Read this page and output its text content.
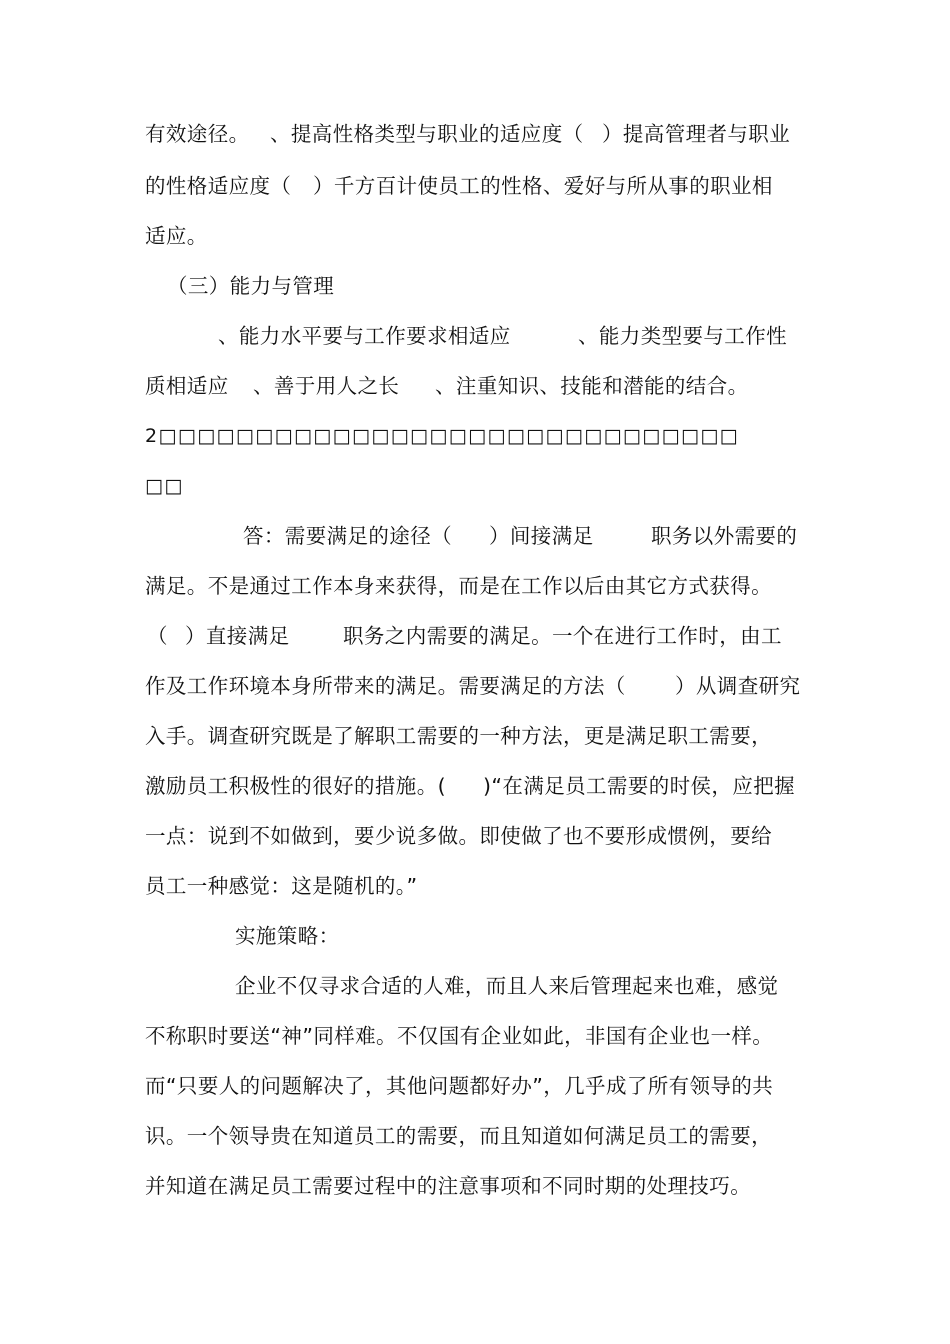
有效途径。 、提高性格类型与职业的适应度（ ）提高管理者与职业
的性格适应度（ ）千方百计使员工的性格、爱好与所从事的职业相
适应。
（三）能力与管理
、能力水平要与工作要求相适应	、能力类型要与工作性
质相适应 、善于用人之长 、注重知识、技能和潜能的结合。
2□□□□□□□□□□□□□□□□□□□□□□□□□□□□□□
□□
答：需要满足的途径（ ）间接满足	职务以外需要的
满足。不是通过工作本身来获得，而是在工作以后由其它方式获得。
（ ）直接满足	职务之内需要的满足。一个在进行工作时，由工
作及工作环境本身所带来的满足。需要满足的方法（ ）从调查研究
入手。调查研究既是了解职工需要的一种方法，更是满足职工需要，
激励员工积极性的很好的措施。( )“在满足员工需要的时侯，应把握
一点：说到不如做到，要少说多做。即使做了也不要形成惯例，要给
员工一种感觉：这是随机的。”
实施策略：
企业不仅寻求合适的人难，而且人来后管理起来也难，感觉
不称职时要送“神”同样难。不仅国有企业如此，非国有企业也一样。
而“只要人的问题解决了，其他问题都好办”，几乎成了所有领导的共
识。一个领导贵在知道员工的需要，而且知道如何满足员工的需要，
并知道在满足员工需要过程中的注意事项和不同时期的处理技巧。
